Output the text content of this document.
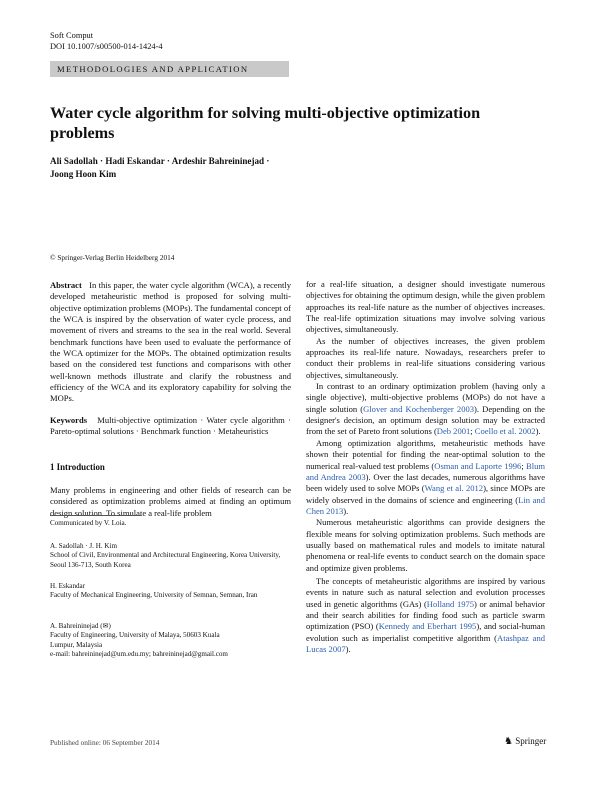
Soft Comput
DOI 10.1007/s00500-014-1424-4
METHODOLOGIES AND APPLICATION
Water cycle algorithm for solving multi-objective optimization problems
Ali Sadollah · Hadi Eskandar · Ardeshir Bahreininejad ·
Joong Hoon Kim
© Springer-Verlag Berlin Heidelberg 2014

Abstract In this paper, the water cycle algorithm (WCA), a recently developed metaheuristic method is proposed for solving multi-objective optimization problems (MOPs). The fundamental concept of the WCA is inspired by the observation of water cycle process, and movement of rivers and streams to the sea in the real world. Several benchmark functions have been used to evaluate the performance of the WCA optimizer for the MOPs. The obtained optimization results based on the considered test functions and comparisons with other well-known methods illustrate and clarify the robustness and efficiency of the WCA and its exploratory capability for solving the MOPs.

Keywords Multi-objective optimization · Water cycle algorithm · Pareto-optimal solutions · Benchmark function · Metaheuristics

1 Introduction

Many problems in engineering and other fields of research can be considered as optimization problems aimed at finding an optimum design solution. To simulate a real-life problem

Communicated by V. Loia.
A. Sadollah · J. H. Kim
School of Civil, Environmental and Architectural Engineering, Korea University, Seoul 136-713, South Korea
H. Eskandar
Faculty of Mechanical Engineering, University of Semnan, Semnan, Iran
A. Bahreininejad (✉)
Faculty of Engineering, University of Malaya, 50603 Kuala Lumpur, Malaysia
e-mail: bahreininejad@um.edu.my; bahreininejad@gmail.com

for a real-life situation, a designer should investigate numerous objectives for obtaining the optimum design, while the given problem approaches its real-life nature as the number of objectives increases. The real-life optimization situations may involve solving various objectives, simultaneously.

As the number of objectives increases, the given problem approaches its real-life nature. Nowadays, researchers prefer to conduct their problems in real-life situations considering various objectives, simultaneously.

In contrast to an ordinary optimization problem (having only a single objective), multi-objective problems (MOPs) do not have a single solution (Glover and Kochenberger 2003). Depending on the designer's decision, an optimum design solution may be extracted from the set of Pareto front solutions (Deb 2001; Coello et al. 2002).

Among optimization algorithms, metaheuristic methods have shown their potential for finding the near-optimal solution to the numerical real-valued test problems (Osman and Laporte 1996; Blum and Andrea 2003). Over the last decades, numerous algorithms have been widely used to solve MOPs (Wang et al. 2012), since MOPs are widely observed in the domains of science and engineering (Lin and Chen 2013).

Numerous metaheuristic algorithms can provide designers the flexible means for solving optimization problems. Such methods are usually based on mathematical rules and models to imitate natural phenomena or real-life events to conduct search on the domain space and optimize given problems.

The concepts of metaheuristic algorithms are inspired by various events in nature such as natural selection and evolution processes used in genetic algorithms (GAs) (Holland 1975) or animal behavior and their search abilities for finding food such as particle swarm optimization (PSO) (Kennedy and Eberhart 1995), and social-human evolution such as imperialist competitive algorithm (Atashpaz and Lucas 2007).

Published online: 06 September 2014	♞ Springer
